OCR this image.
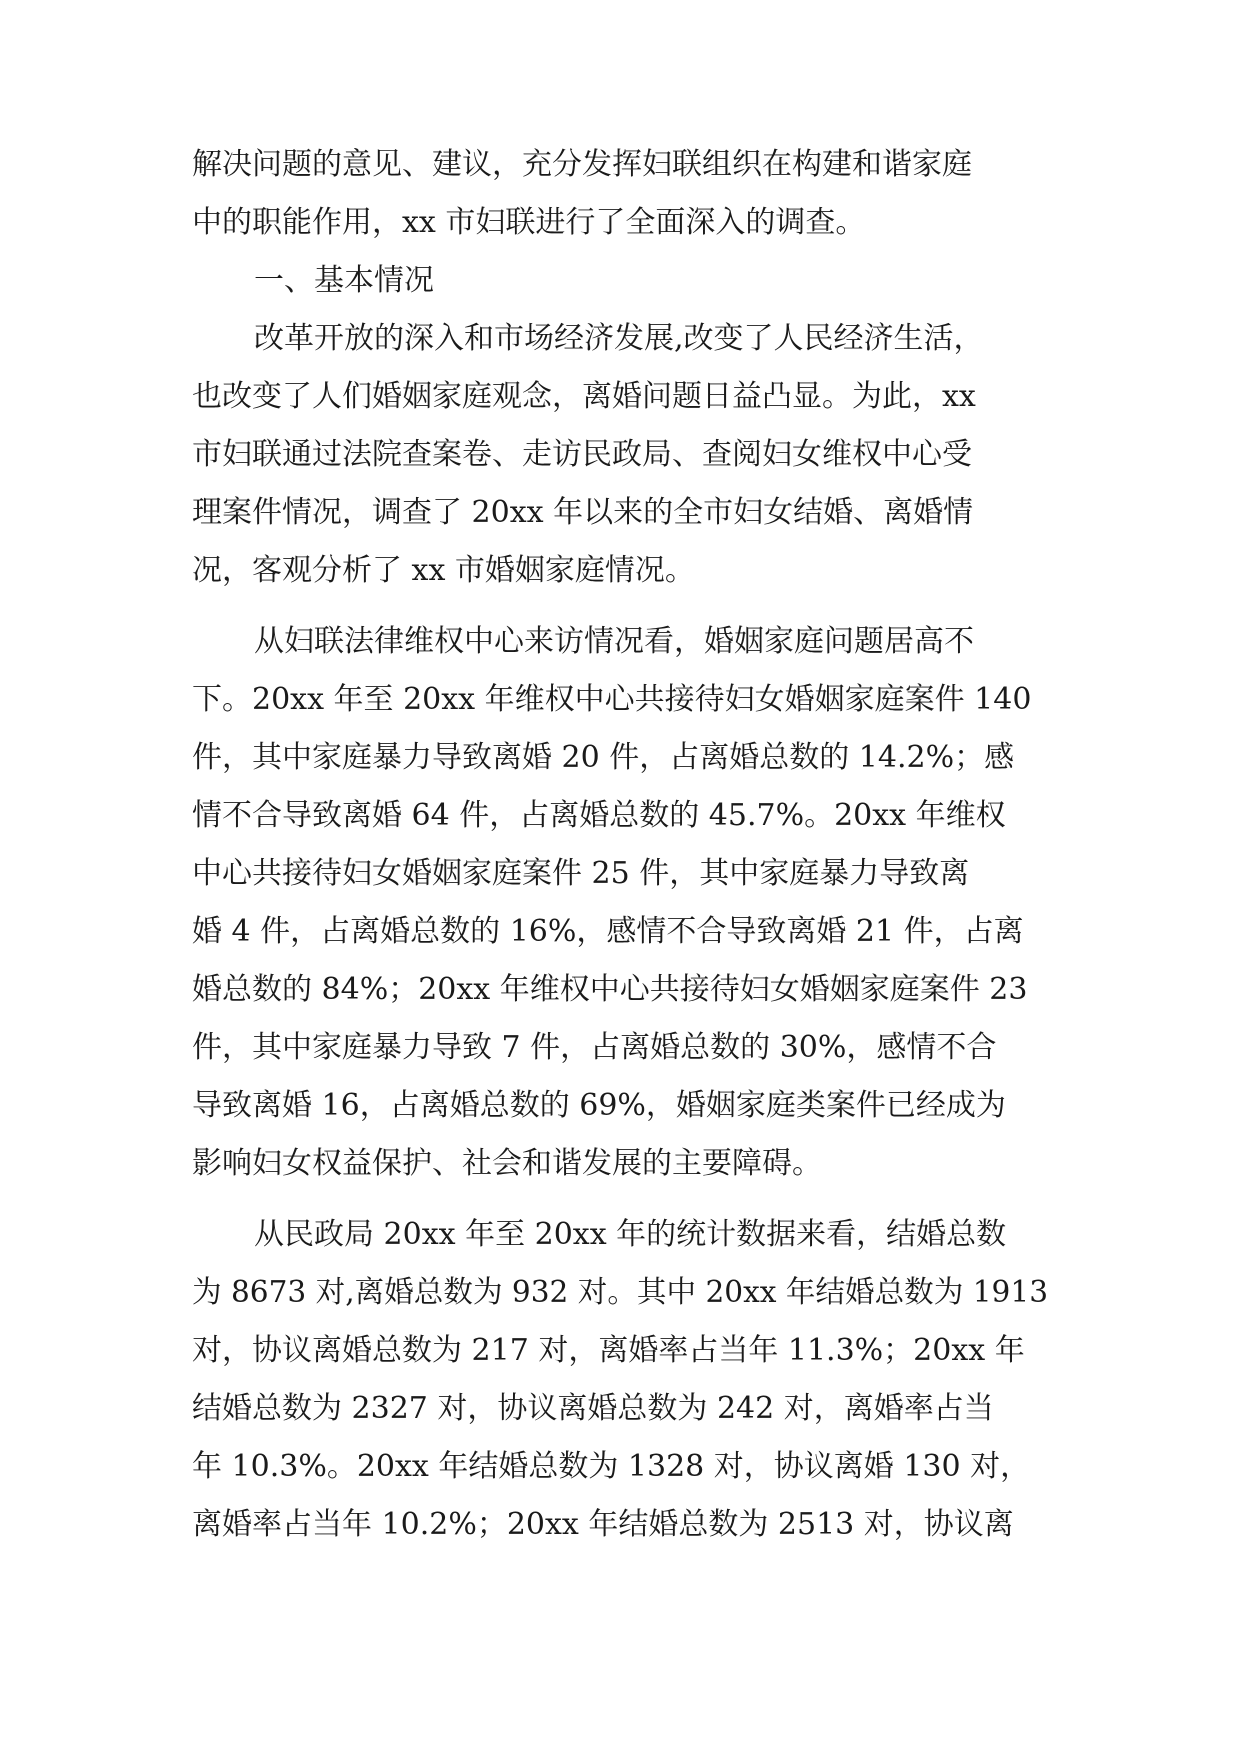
解决问题的意见、建议，充分发挥妇联组织在构建和谐家庭
中的职能作用，xx 市妇联进行了全面深入的调查。
一、基本情况
改革开放的深入和市场经济发展,改变了人民经济生活，
也改变了人们婚姻家庭观念，离婚问题日益凸显。为此，xx
市妇联通过法院查案卷、走访民政局、查阅妇女维权中心受
理案件情况，调查了 20xx 年以来的全市妇女结婚、离婚情
况，客观分析了 xx 市婚姻家庭情况。
从妇联法律维权中心来访情况看，婚姻家庭问题居高不
下。20xx 年至 20xx 年维权中心共接待妇女婚姻家庭案件 140
件，其中家庭暴力导致离婚 20 件，占离婚总数的 14.2%；感
情不合导致离婚 64 件，占离婚总数的 45.7%。20xx 年维权
中心共接待妇女婚姻家庭案件 25 件，其中家庭暴力导致离
婚 4 件，占离婚总数的 16%，感情不合导致离婚 21 件，占离
婚总数的 84%；20xx 年维权中心共接待妇女婚姻家庭案件 23
件，其中家庭暴力导致 7 件，占离婚总数的 30%，感情不合
导致离婚 16，占离婚总数的 69%，婚姻家庭类案件已经成为
影响妇女权益保护、社会和谐发展的主要障碍。
从民政局 20xx 年至 20xx 年的统计数据来看，结婚总数
为 8673 对,离婚总数为 932 对。其中 20xx 年结婚总数为 1913
对，协议离婚总数为 217 对，离婚率占当年 11.3%；20xx 年
结婚总数为 2327 对，协议离婚总数为 242 对，离婚率占当
年 10.3%。20xx 年结婚总数为 1328 对，协议离婚 130 对，
离婚率占当年 10.2%；20xx 年结婚总数为 2513 对，协议离
